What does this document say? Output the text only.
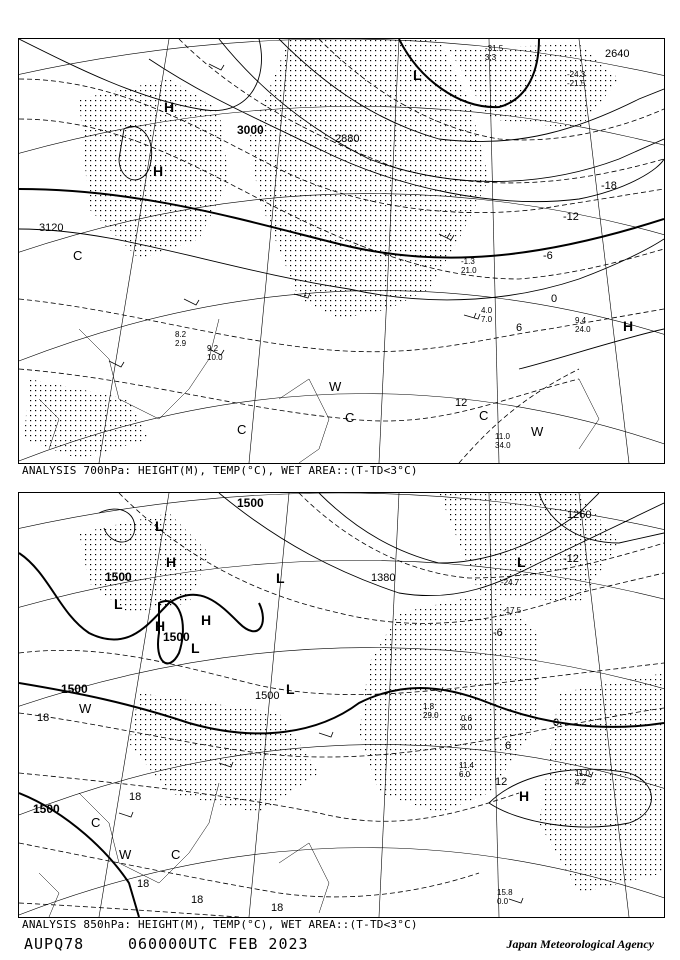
11.0
34.0
9.4
24.0
4.0
7.0
-1.3
21.0
9.2
10.0
8.2
2.9
-31.5
3.3
-24.3
-21.5
3120
3000
2880
2640
-18
-12
-6
0
6
12
H
H
L
H
W
C	C
W
C
C
ANALYSIS 700hPa: HEIGHT(M), TEMP(°C), WET AREA::(T-TD<3°C)
15.8
0.0
11.4
6.0	11.0
4.2
0.6
8.0
1.8
29.0
-24.7
-17.5
1500
1500
1500
1500
1500
1380
1500
1260
18
18
18
-12
-6
0
6
12
18
18
L
H
L
H	H
L
L
L
L
W
W	C
C
H
ANALYSIS 850hPa: HEIGHT(M), TEMP(°C), WET AREA::(T-TD<3°C)
AUPQ78	060000UTC FEB 2023	Japan Meteorological Agency
